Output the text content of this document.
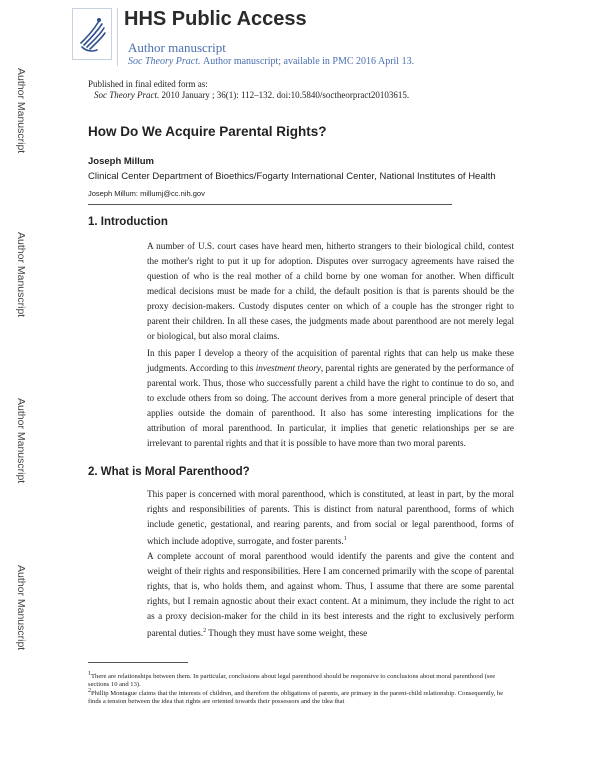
Author Manuscript
Author Manuscript
Author Manuscript
Author Manuscript
HHS Public Access
Author manuscript
Soc Theory Pract. Author manuscript; available in PMC 2016 April 13.
Published in final edited form as:
Soc Theory Pract. 2010 January ; 36(1): 112–132. doi:10.5840/soctheorpract20103615.
How Do We Acquire Parental Rights?
Joseph Millum
Clinical Center Department of Bioethics/Fogarty International Center, National Institutes of Health
Joseph Millum: millumj@cc.nih.gov
1. Introduction
A number of U.S. court cases have heard men, hitherto strangers to their biological child, contest the mother's right to put it up for adoption. Disputes over surrogacy agreements have raised the question of who is the real mother of a child borne by one woman for another. When difficult medical decisions must be made for a child, the default position is that is parents should be the proxy decision-makers. Custody disputes center on which of a couple has the stronger right to parent their children. In all these cases, the judgments made about parenthood are not merely legal or biological, but also moral claims.
In this paper I develop a theory of the acquisition of parental rights that can help us make these judgments. According to this investment theory, parental rights are generated by the performance of parental work. Thus, those who successfully parent a child have the right to continue to do so, and to exclude others from so doing. The account derives from a more general principle of desert that applies outside the domain of parenthood. It also has some interesting implications for the attribution of moral parenthood. In particular, it implies that genetic relationships per se are irrelevant to parental rights and that it is possible to have more than two moral parents.
2. What is Moral Parenthood?
This paper is concerned with moral parenthood, which is constituted, at least in part, by the moral rights and responsibilities of parents. This is distinct from natural parenthood, forms of which include genetic, gestational, and rearing parents, and from social or legal parenthood, forms of which include adoptive, surrogate, and foster parents.$^1$
A complete account of moral parenthood would identify the parents and give the content and weight of their rights and responsibilities. Here I am concerned primarily with the scope of parental rights, that is, who holds them, and against whom. Thus, I assume that there are some parental rights, but I remain agnostic about their exact content. At a minimum, they include the right to act as a proxy decision-maker for the child in its best interests and the right to exclusively perform parental duties.$^2$ Though they must have some weight, these
$^1$There are relationships between them. In particular, conclusions about legal parenthood should be responsive to conclusions about moral parenthood (see sections 10 and 13).
$^2$Phillip Montague claims that the interests of children, and therefore the obligations of parents, are primary in the parent-child relationship. Consequently, he finds a tension between the idea that rights are oriented towards their possessors and the idea that
